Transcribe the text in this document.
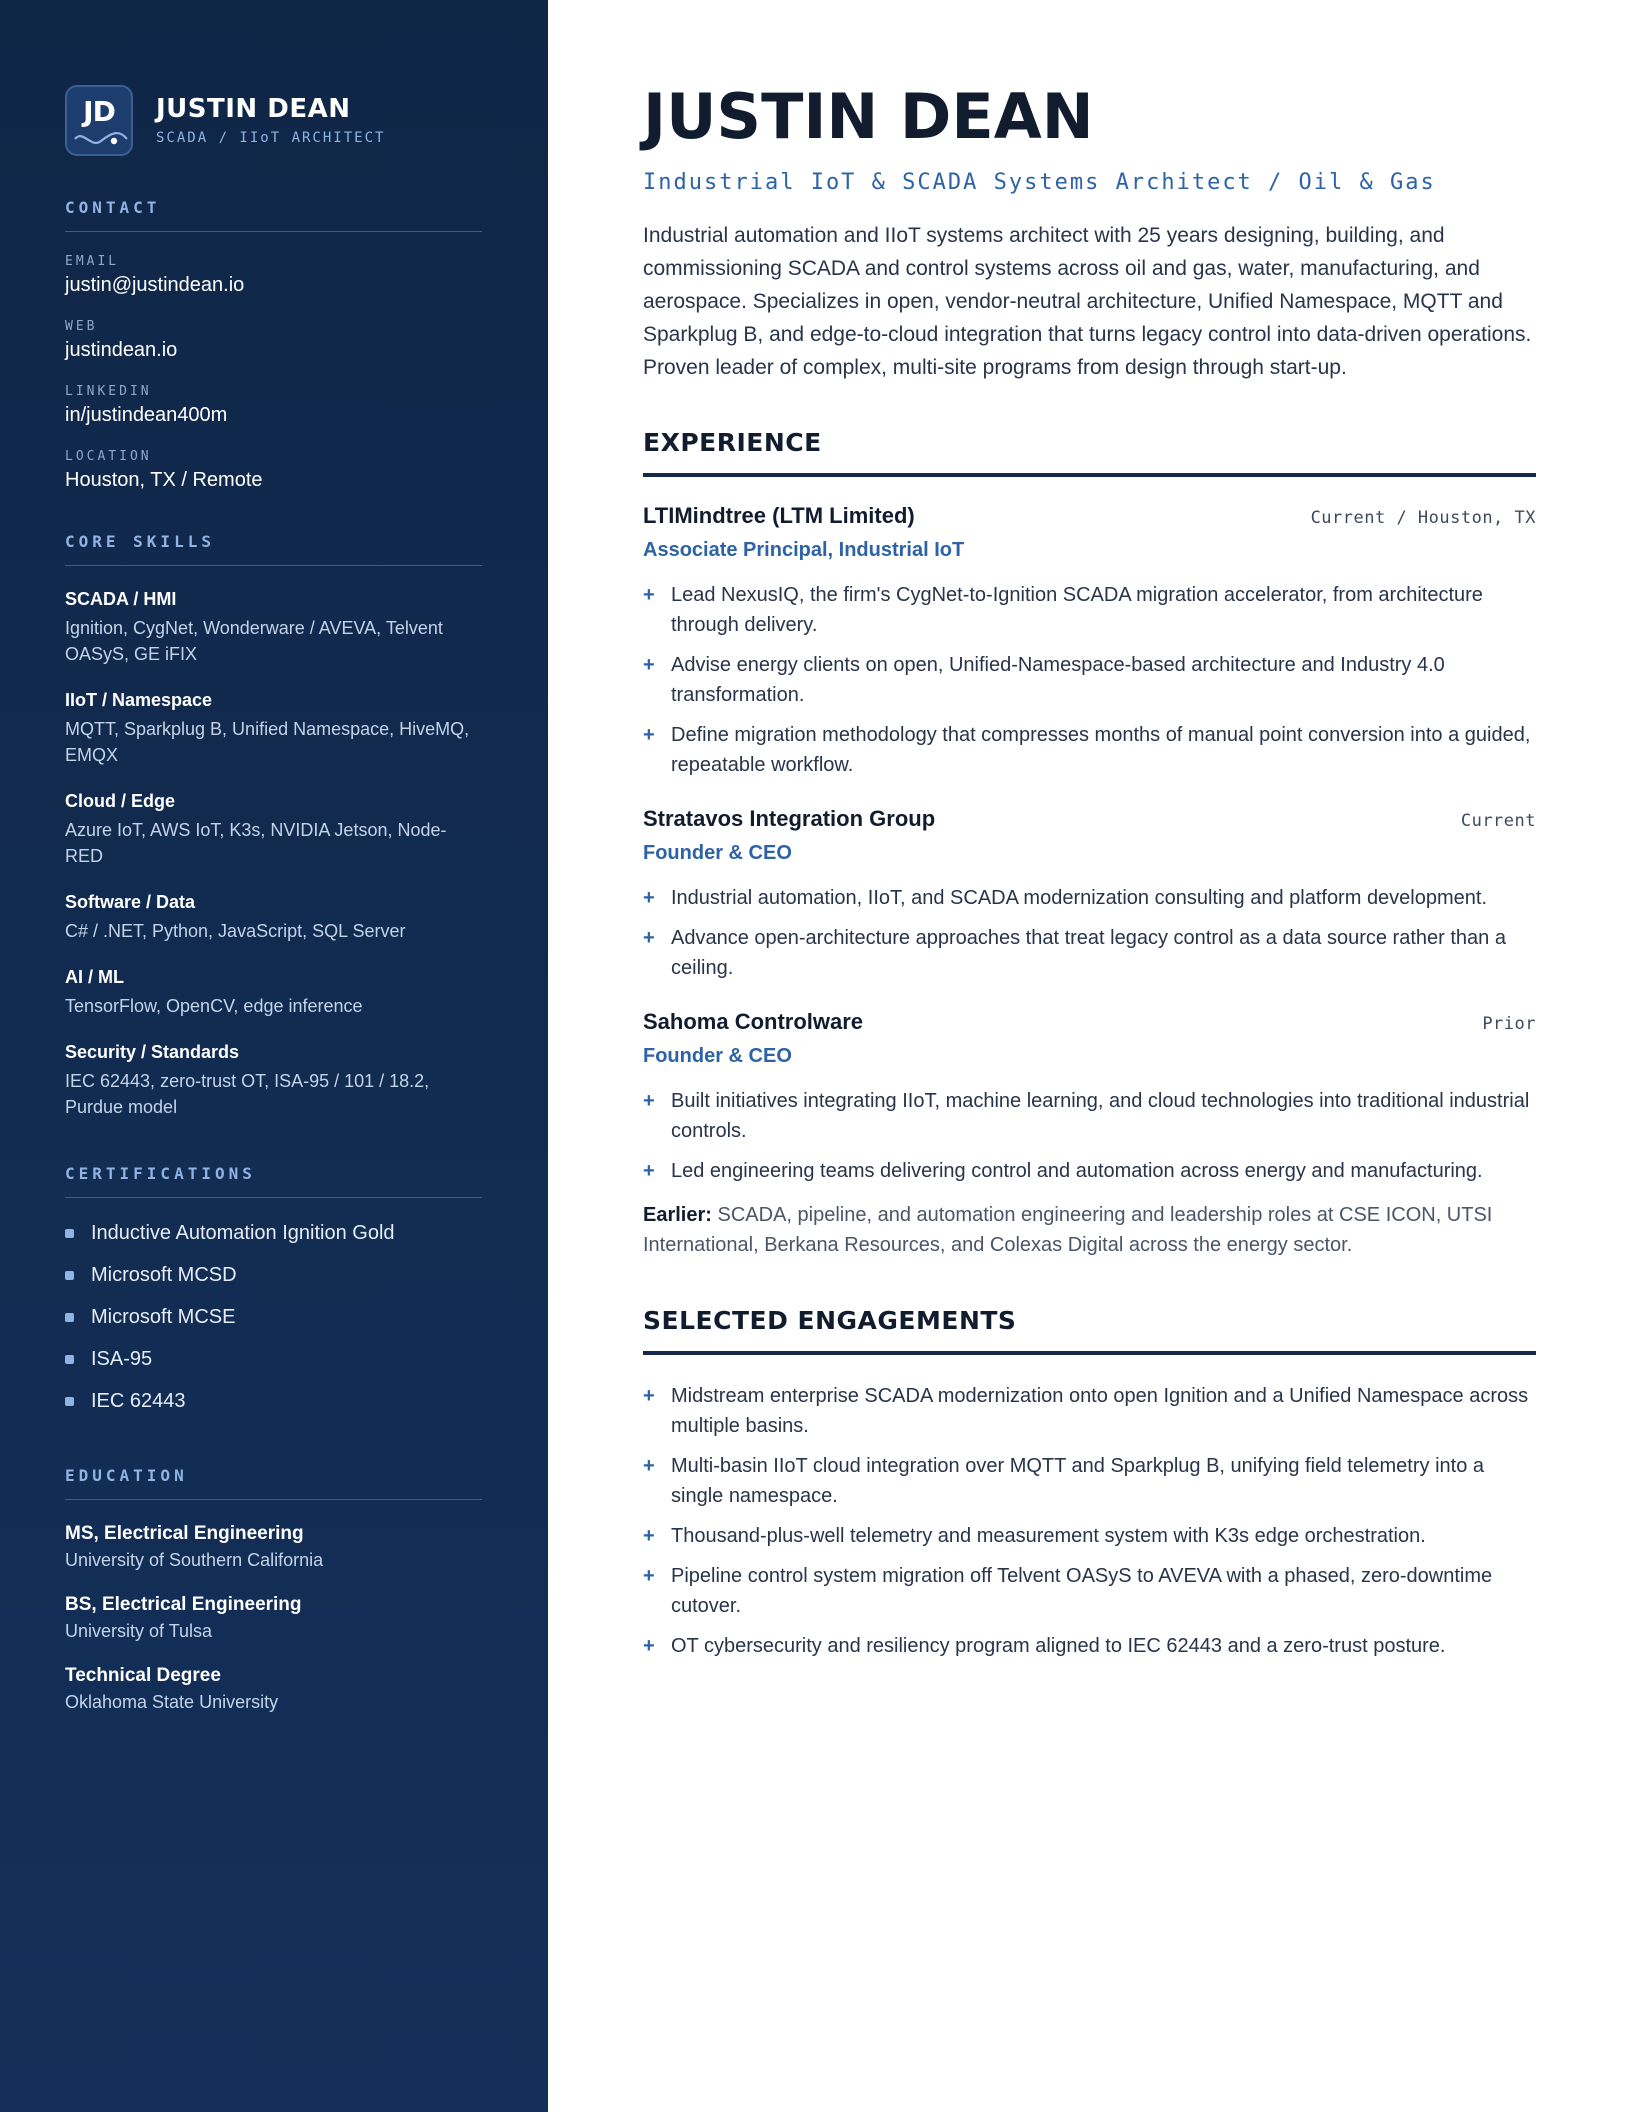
JD	JUSTIN DEAN
SCADA / IIoT ARCHITECT
CONTACT
EMAIL
justin@justindean.io
WEB
justindean.io
LINKEDIN
in/justindean400m
LOCATION
Houston, TX / Remote
CORE SKILLS
SCADA / HMI
Ignition, CygNet, Wonderware / AVEVA, Telvent OASyS, GE iFIX
IIoT / Namespace
MQTT, Sparkplug B, Unified Namespace, HiveMQ, EMQX
Cloud / Edge
Azure IoT, AWS IoT, K3s, NVIDIA Jetson, Node-RED
Software / Data
C# / .NET, Python, JavaScript, SQL Server
AI / ML
TensorFlow, OpenCV, edge inference
Security / Standards
IEC 62443, zero-trust OT, ISA-95 / 101 / 18.2, Purdue model
CERTIFICATIONS
Inductive Automation Ignition Gold
Microsoft MCSD
Microsoft MCSE
ISA-95
IEC 62443
EDUCATION
MS, Electrical Engineering
University of Southern California
BS, Electrical Engineering
University of Tulsa
Technical Degree
Oklahoma State University
JUSTIN DEAN
Industrial IoT & SCADA Systems Architect / Oil & Gas

Industrial automation and IIoT systems architect with 25 years designing, building, and commissioning SCADA and control systems across oil and gas, water, manufacturing, and aerospace. Specializes in open, vendor-neutral architecture, Unified Namespace, MQTT and Sparkplug B, and edge-to-cloud integration that turns legacy control into data-driven operations. Proven leader of complex, multi-site programs from design through start-up.

EXPERIENCE
LTIMindtree (LTM Limited)	Current / Houston, TX
Associate Principal, Industrial IoT
+ Lead NexusIQ, the firm's CygNet-to-Ignition SCADA migration accelerator, from architecture through delivery.
+ Advise energy clients on open, Unified-Namespace-based architecture and Industry 4.0 transformation.
+ Define migration methodology that compresses months of manual point conversion into a guided, repeatable workflow.
Stratavos Integration Group	Current
Founder & CEO
+ Industrial automation, IIoT, and SCADA modernization consulting and platform development.
+ Advance open-architecture approaches that treat legacy control as a data source rather than a ceiling.
Sahoma Controlware	Prior
Founder & CEO
+ Built initiatives integrating IIoT, machine learning, and cloud technologies into traditional industrial controls.
+ Led engineering teams delivering control and automation across energy and manufacturing.

Earlier: SCADA, pipeline, and automation engineering and leadership roles at CSE ICON, UTSI International, Berkana Resources, and Colexas Digital across the energy sector.

SELECTED ENGAGEMENTS
+ Midstream enterprise SCADA modernization onto open Ignition and a Unified Namespace across multiple basins.
+ Multi-basin IIoT cloud integration over MQTT and Sparkplug B, unifying field telemetry into a single namespace.
+ Thousand-plus-well telemetry and measurement system with K3s edge orchestration.
+ Pipeline control system migration off Telvent OASyS to AVEVA with a phased, zero-downtime cutover.
+ OT cybersecurity and resiliency program aligned to IEC 62443 and a zero-trust posture.
